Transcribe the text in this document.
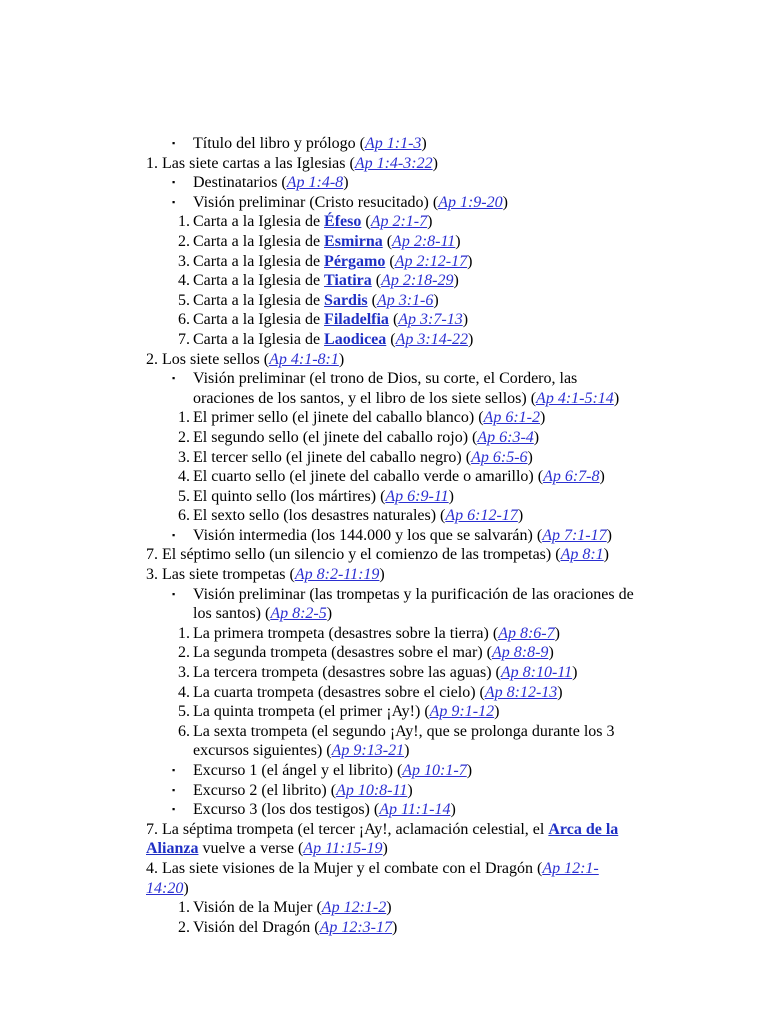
▪ Título del libro y prólogo (Ap 1:1-3)
1. Las siete cartas a las Iglesias (Ap 1:4-3:22)
▪ Destinatarios (Ap 1:4-8)
▪ Visión preliminar (Cristo resucitado) (Ap 1:9-20)
1. Carta a la Iglesia de Éfeso (Ap 2:1-7)
2. Carta a la Iglesia de Esmirna (Ap 2:8-11)
3. Carta a la Iglesia de Pérgamo (Ap 2:12-17)
4. Carta a la Iglesia de Tiatira (Ap 2:18-29)
5. Carta a la Iglesia de Sardis (Ap 3:1-6)
6. Carta a la Iglesia de Filadelfia (Ap 3:7-13)
7. Carta a la Iglesia de Laodicea (Ap 3:14-22)
2. Los siete sellos (Ap 4:1-8:1)
▪ Visión preliminar (el trono de Dios, su corte, el Cordero, las
oraciones de los santos, y el libro de los siete sellos) (Ap 4:1-5:14)
1. El primer sello (el jinete del caballo blanco) (Ap 6:1-2)
2. El segundo sello (el jinete del caballo rojo) (Ap 6:3-4)
3. El tercer sello (el jinete del caballo negro) (Ap 6:5-6)
4. El cuarto sello (el jinete del caballo verde o amarillo) (Ap 6:7-8)
5. El quinto sello (los mártires) (Ap 6:9-11)
6. El sexto sello (los desastres naturales) (Ap 6:12-17)
▪ Visión intermedia (los 144.000 y los que se salvarán) (Ap 7:1-17)
7. El séptimo sello (un silencio y el comienzo de las trompetas) (Ap 8:1)
3. Las siete trompetas (Ap 8:2-11:19)
▪ Visión preliminar (las trompetas y la purificación de las oraciones de
los santos) (Ap 8:2-5)
1. La primera trompeta (desastres sobre la tierra) (Ap 8:6-7)
2. La segunda trompeta (desastres sobre el mar) (Ap 8:8-9)
3. La tercera trompeta (desastres sobre las aguas) (Ap 8:10-11)
4. La cuarta trompeta (desastres sobre el cielo) (Ap 8:12-13)
5. La quinta trompeta (el primer ¡Ay!) (Ap 9:1-12)
6. La sexta trompeta (el segundo ¡Ay!, que se prolonga durante los 3
excursos siguientes) (Ap 9:13-21)
▪ Excurso 1 (el ángel y el librito) (Ap 10:1-7)
▪ Excurso 2 (el librito) (Ap 10:8-11)
▪ Excurso 3 (los dos testigos) (Ap 11:1-14)
7. La séptima trompeta (el tercer ¡Ay!, aclamación celestial, el Arca de la
Alianza vuelve a verse (Ap 11:15-19)
4. Las siete visiones de la Mujer y el combate con el Dragón (Ap 12:1-
14:20)
1. Visión de la Mujer (Ap 12:1-2)
2. Visión del Dragón (Ap 12:3-17)
